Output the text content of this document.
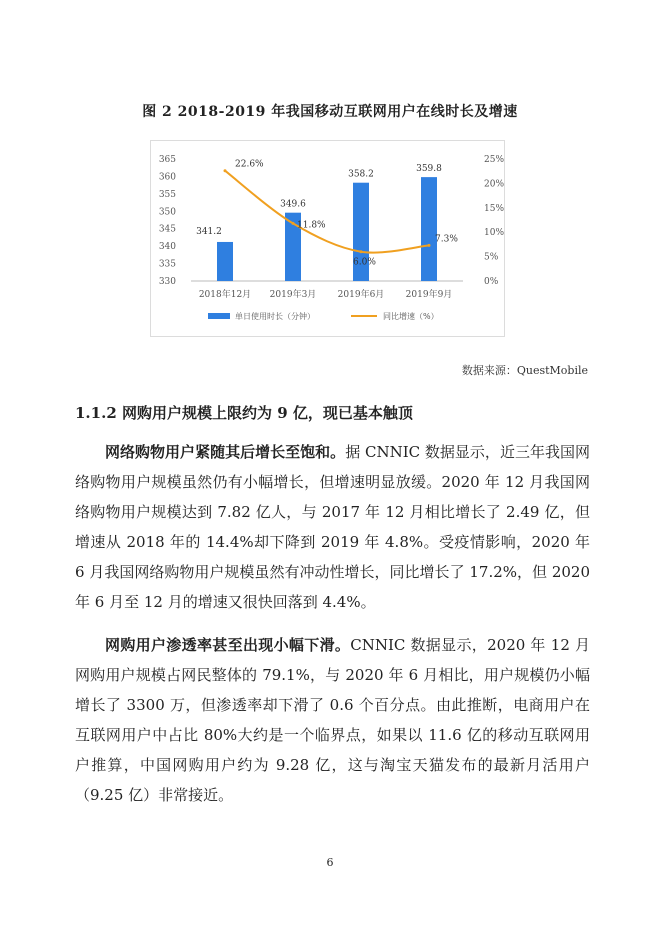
图 2 2018-2019 年我国移动互联网用户在线时长及增速
330
335
340
345
350
355
360
365
0%
5%
10%
15%
20%
25%
341.2
349.6
358.2
359.8
22.6%
11.8%
6.0%
7.3%
2018年12月 2019年3月 2019年6月 2019年9月
单日使用时长（分钟）	同比增速（%）
数据来源：QuestMobile
1.1.2 网购用户规模上限约为 9 亿，现已基本触顶

网络购物用户紧随其后增长至饱和。据 CNNIC 数据显示，近三年我国网络购物用户规模虽然仍有小幅增长，但增速明显放缓。2020 年 12 月我国网络购物用户规模达到 7.82 亿人，与 2017 年 12 月相比增长了 2.49 亿，但增速从 2018 年的 14.4%却下降到 2019 年 4.8%。受疫情影响，2020 年 6 月我国网络购物用户规模虽然有冲动性增长，同比增长了 17.2%，但 2020 年 6 月至 12 月的增速又很快回落到 4.4%。

网购用户渗透率甚至出现小幅下滑。CNNIC 数据显示，2020 年 12 月网购用户规模占网民整体的 79.1%，与 2020 年 6 月相比，用户规模仍小幅增长了 3300 万，但渗透率却下滑了 0.6 个百分点。由此推断，电商用户在互联网用户中占比 80%大约是一个临界点，如果以 11.6 亿的移动互联网用户推算，中国网购用户约为 9.28 亿，这与淘宝天猫发布的最新月活用户（9.25 亿）非常接近。

6
